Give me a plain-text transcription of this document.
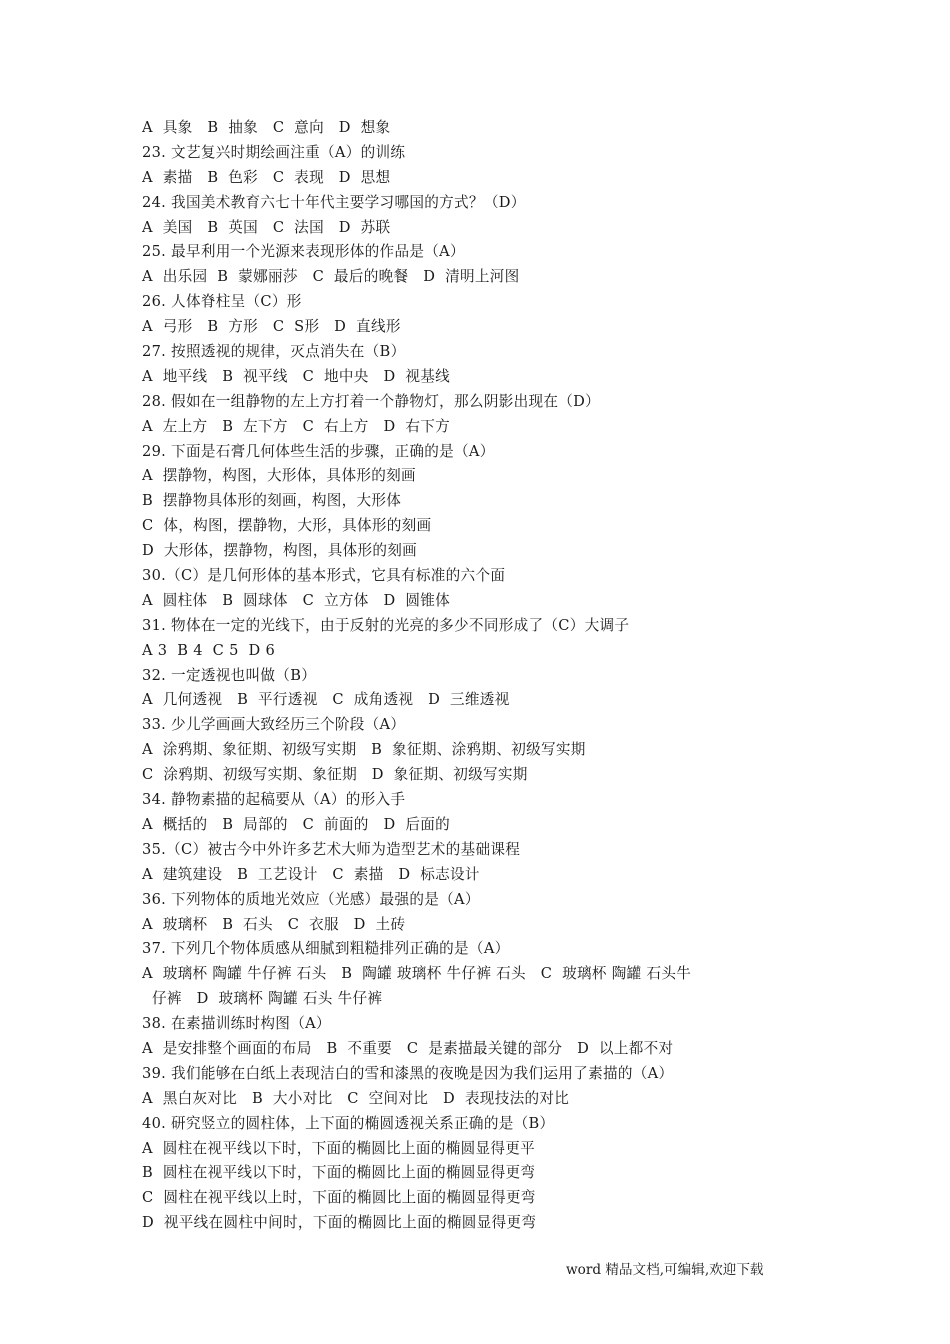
A  具象   B  抽象   C  意向   D  想象
23. 文艺复兴时期绘画注重（A）的训练
A  素描   B  色彩   C  表现   D  思想
24. 我国美术教育六七十年代主要学习哪国的方式？（D）
A  美国   B  英国   C  法国   D  苏联
25. 最早利用一个光源来表现形体的作品是（A）
A  出乐园  B  蒙娜丽莎   C  最后的晚餐   D  清明上河图
26. 人体脊柱呈（C）形
A  弓形   B  方形   C  S形   D  直线形
27. 按照透视的规律，灭点消失在（B）
A  地平线   B  视平线   C  地中央   D  视基线
28. 假如在一组静物的左上方打着一个静物灯，那么阴影出现在（D）
A  左上方   B  左下方   C  右上方   D  右下方
29. 下面是石膏几何体些生活的步骤，正确的是（A）
A  摆静物，构图，大形体，具体形的刻画
B  摆静物具体形的刻画，构图，大形体
C  体，构图，摆静物，大形，具体形的刻画
D  大形体，摆静物，构图，具体形的刻画
30.（C）是几何形体的基本形式，它具有标准的六个面
A  圆柱体   B  圆球体   C  立方体   D  圆锥体
31. 物体在一定的光线下，由于反射的光亮的多少不同形成了（C）大调子
A 3  B 4  C 5  D 6
32. 一定透视也叫做（B）
A  几何透视   B  平行透视   C  成角透视   D  三维透视
33. 少儿学画画大致经历三个阶段（A）
A  涂鸦期、象征期、初级写实期   B  象征期、涂鸦期、初级写实期
C  涂鸦期、初级写实期、象征期   D  象征期、初级写实期
34. 静物素描的起稿要从（A）的形入手
A  概括的   B  局部的   C  前面的   D  后面的
35.（C）被古今中外许多艺术大师为造型艺术的基础课程
A  建筑建设   B  工艺设计   C  素描   D  标志设计
36. 下列物体的质地光效应（光感）最强的是（A）
A  玻璃杯   B  石头   C  衣服   D  土砖
37. 下列几个物体质感从细腻到粗糙排列正确的是（A）
A  玻璃杯 陶罐 牛仔裤 石头   B  陶罐 玻璃杯 牛仔裤 石头   C  玻璃杯 陶罐 石头牛
仔裤   D  玻璃杯 陶罐 石头 牛仔裤
38. 在素描训练时构图（A）
A  是安排整个画面的布局   B  不重要   C  是素描最关键的部分   D  以上都不对
39. 我们能够在白纸上表现洁白的雪和漆黑的夜晚是因为我们运用了素描的（A）
A  黑白灰对比   B  大小对比   C  空间对比   D  表现技法的对比
40. 研究竖立的圆柱体，上下面的椭圆透视关系正确的是（B）
A  圆柱在视平线以下时，下面的椭圆比上面的椭圆显得更平
B  圆柱在视平线以下时，下面的椭圆比上面的椭圆显得更弯
C  圆柱在视平线以上时，下面的椭圆比上面的椭圆显得更弯
D  视平线在圆柱中间时，下面的椭圆比上面的椭圆显得更弯
word 精品文档,可编辑,欢迎下载
